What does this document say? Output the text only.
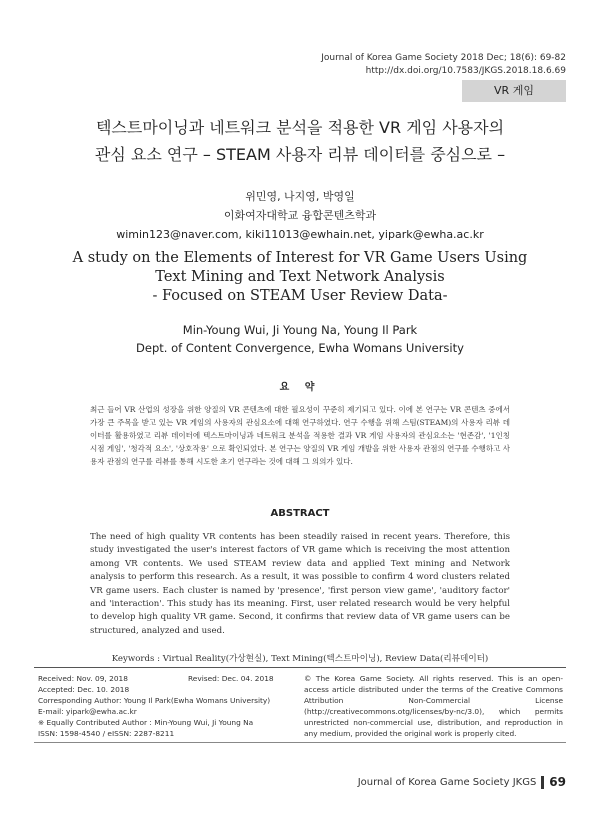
Journal of Korea Game Society 2018 Dec; 18(6): 69-82
http://dx.doi.org/10.7583/JKGS.2018.18.6.69
VR 게임
텍스트마이닝과 네트워크 분석을 적용한 VR 게임 사용자의
관심 요소 연구 – STEAM 사용자 리뷰 데이터를 중심으로 –
위민영, 나지영, 박영일
이화여자대학교 융합콘텐츠학과
wimin123@naver.com, kiki11013@ewhain.net, yipark@ewha.ac.kr
A study on the Elements of Interest for VR Game Users Using
Text Mining and Text Network Analysis
- Focused on STEAM User Review Data-
Min-Young Wui, Ji Young Na, Young Il Park
Dept. of Content Convergence, Ewha Womans University
요 약
최근 들어 VR 산업의 성장을 위한 양질의 VR 콘텐츠에 대한 필요성이 꾸준히 제기되고 있다. 이에 본 연구는 VR 콘텐츠 중에서 가장 큰 주목을 받고 있는 VR 게임의 사용자의 관심요소에 대해 연구하였다. 연구 수행을 위해 스팀(STEAM)의 사용자 리뷰 데이터를 활용하였고 리뷰 데이터에 텍스트마이닝과 네트워크 분석을 적용한 결과 VR 게임 사용자의 관심요소는 '현존감', '1인칭 시점 게임', '청각적 요소', '상호작용' 으로 확인되었다. 본 연구는 양질의 VR 게임 개발을 위한 사용자 관점의 연구를 수행하고 사용자 관점의 연구를 리뷰를 통해 시도한 초기 연구라는 것에 대해 그 의의가 있다.
ABSTRACT
The need of high quality VR contents has been steadily raised in recent years. Therefore, this study investigated the user's interest factors of VR game which is receiving the most attention among VR contents. We used STEAM review data and applied Text mining and Network analysis to perform this research. As a result, it was possible to confirm 4 word clusters related VR game users. Each cluster is named by 'presence', 'first person view game', 'auditory factor' and 'interaction'. This study has its meaning. First, user related research would be very helpful to develop high quality VR game. Second, it confirms that review data of VR game users can be structured, analyzed and used.
Keywords : Virtual Reality(가상현실), Text Mining(텍스트마이닝), Review Data(리뷰데이터)
Received: Nov. 09, 2018	Revised: Dec. 04. 2018
Accepted: Dec. 10. 2018
Corresponding Author: Young Il Park(Ewha Womans University)
E-mail: yipark@ewha.ac.kr
※ Equally Contributed Author : Min-Young Wui, Ji Young Na
ISSN: 1598-4540 / eISSN: 2287-8211
© The Korea Game Society. All rights reserved. This is an open-access article distributed under the terms of the Creative Commons Attribution Non-Commercial License (http://creativecommons.otg/licenses/by-nc/3.0), which permits unrestricted non-commercial use, distribution, and reproduction in any medium, provided the original work is properly cited.
Journal of Korea Game Society JKGS 69
